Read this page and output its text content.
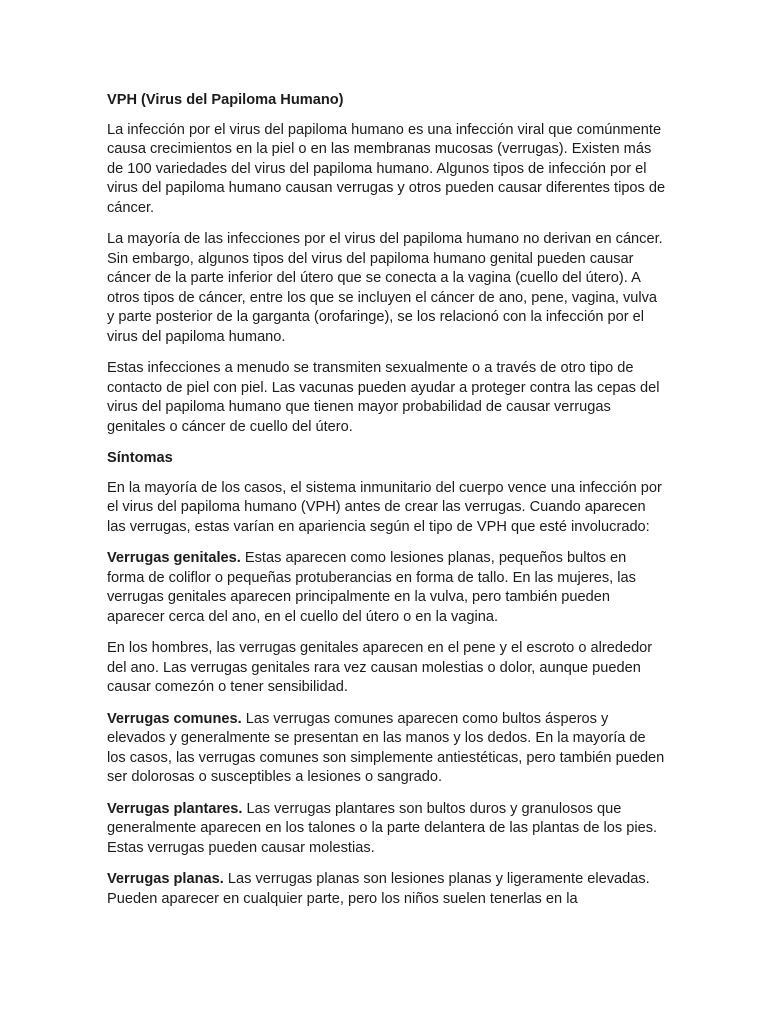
VPH (Virus del Papiloma Humano)

La infección por el virus del papiloma humano es una infección viral que comúnmente causa crecimientos en la piel o en las membranas mucosas (verrugas). Existen más de 100 variedades del virus del papiloma humano. Algunos tipos de infección por el virus del papiloma humano causan verrugas y otros pueden causar diferentes tipos de cáncer.

La mayoría de las infecciones por el virus del papiloma humano no derivan en cáncer. Sin embargo, algunos tipos del virus del papiloma humano genital pueden causar cáncer de la parte inferior del útero que se conecta a la vagina (cuello del útero). A otros tipos de cáncer, entre los que se incluyen el cáncer de ano, pene, vagina, vulva y parte posterior de la garganta (orofaringe), se los relacionó con la infección por el virus del papiloma humano.

Estas infecciones a menudo se transmiten sexualmente o a través de otro tipo de contacto de piel con piel. Las vacunas pueden ayudar a proteger contra las cepas del virus del papiloma humano que tienen mayor probabilidad de causar verrugas genitales o cáncer de cuello del útero.

Síntomas

En la mayoría de los casos, el sistema inmunitario del cuerpo vence una infección por el virus del papiloma humano (VPH) antes de crear las verrugas. Cuando aparecen las verrugas, estas varían en apariencia según el tipo de VPH que esté involucrado:

Verrugas genitales. Estas aparecen como lesiones planas, pequeños bultos en forma de coliflor o pequeñas protuberancias en forma de tallo. En las mujeres, las verrugas genitales aparecen principalmente en la vulva, pero también pueden aparecer cerca del ano, en el cuello del útero o en la vagina.

En los hombres, las verrugas genitales aparecen en el pene y el escroto o alrededor del ano. Las verrugas genitales rara vez causan molestias o dolor, aunque pueden causar comezón o tener sensibilidad.

Verrugas comunes. Las verrugas comunes aparecen como bultos ásperos y elevados y generalmente se presentan en las manos y los dedos. En la mayoría de los casos, las verrugas comunes son simplemente antiestéticas, pero también pueden ser dolorosas o susceptibles a lesiones o sangrado.

Verrugas plantares. Las verrugas plantares son bultos duros y granulosos que generalmente aparecen en los talones o la parte delantera de las plantas de los pies. Estas verrugas pueden causar molestias.

Verrugas planas. Las verrugas planas son lesiones planas y ligeramente elevadas. Pueden aparecer en cualquier parte, pero los niños suelen tenerlas en la
